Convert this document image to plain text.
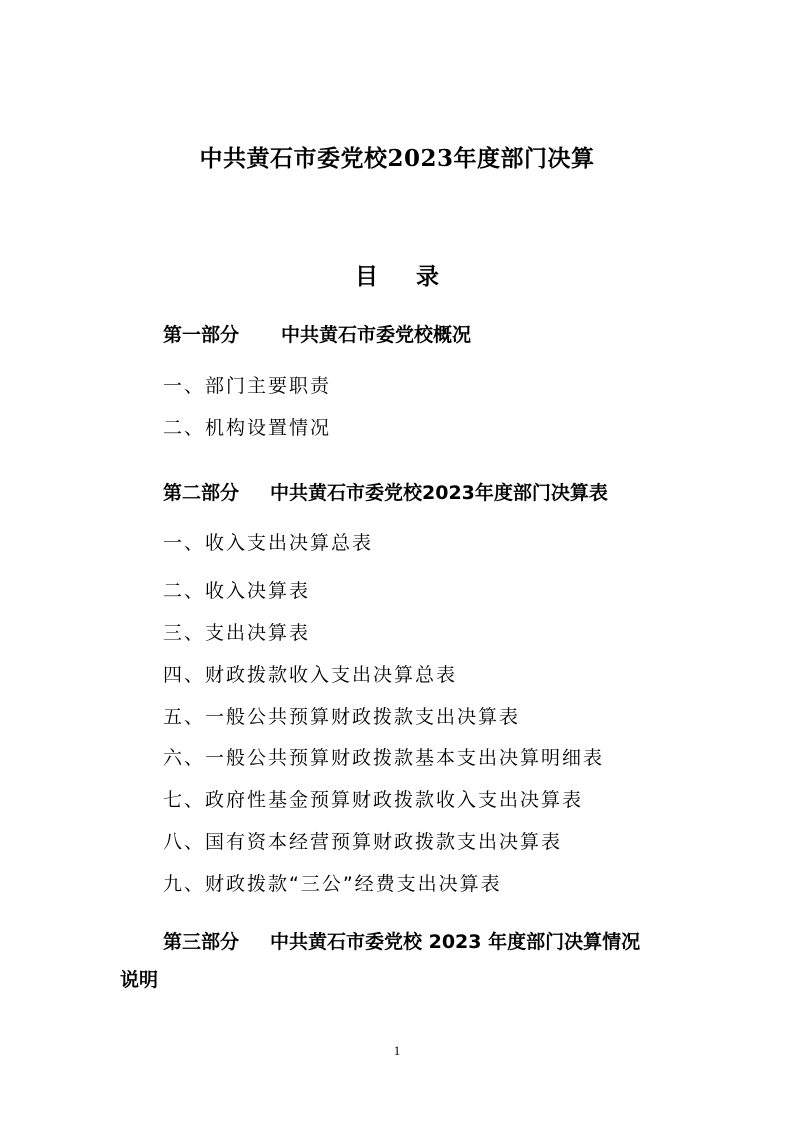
中共黄石市委党校2023年度部门决算
目 录
第一部分 中共黄石市委党校概况
一、部门主要职责
二、机构设置情况
第二部分 中共黄石市委党校2023年度部门决算表
一、收入支出决算总表
二、收入决算表
三、支出决算表
四、财政拨款收入支出决算总表
五、一般公共预算财政拨款支出决算表
六、一般公共预算财政拨款基本支出决算明细表
七、政府性基金预算财政拨款收入支出决算表
八、国有资本经营预算财政拨款支出决算表
九、财政拨款“三公”经费支出决算表
第三部分 中共黄石市委党校 2023 年度部门决算情况
说明
1
